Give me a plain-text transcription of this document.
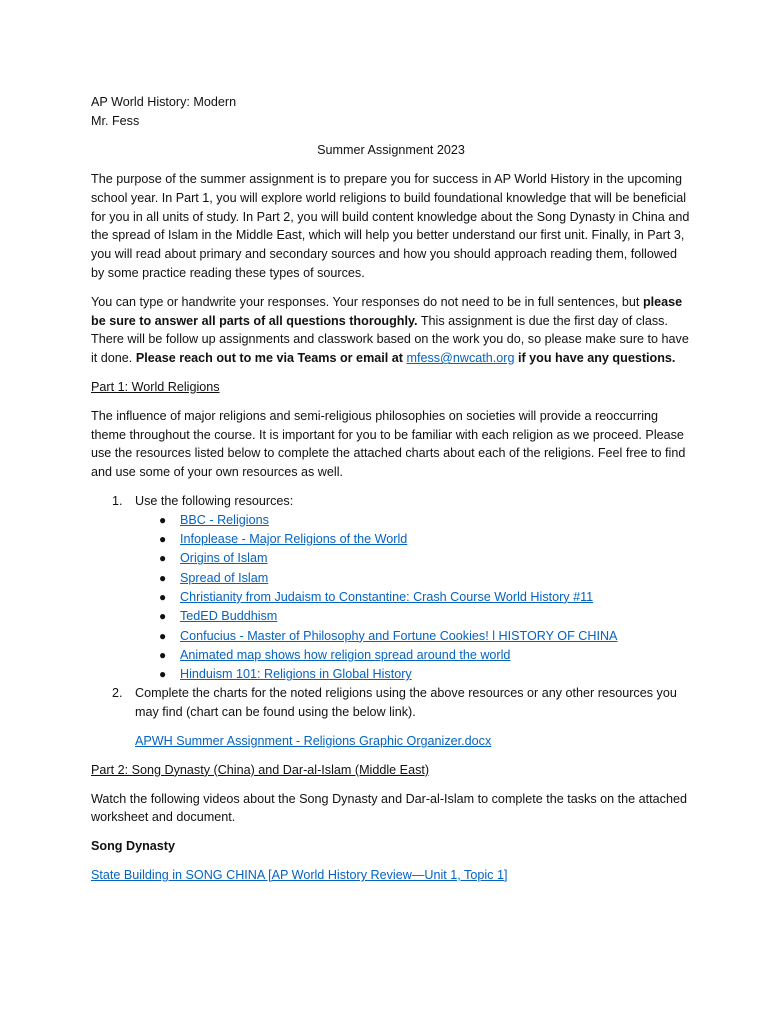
AP World History: Modern

Mr. Fess

Summer Assignment 2023

The purpose of the summer assignment is to prepare you for success in AP World History in the upcoming school year. In Part 1, you will explore world religions to build foundational knowledge that will be beneficial for you in all units of study. In Part 2, you will build content knowledge about the Song Dynasty in China and the spread of Islam in the Middle East, which will help you better understand our first unit. Finally, in Part 3, you will read about primary and secondary sources and how you should approach reading them, followed by some practice reading these types of sources.

You can type or handwrite your responses. Your responses do not need to be in full sentences, but please be sure to answer all parts of all questions thoroughly. This assignment is due the first day of class. There will be follow up assignments and classwork based on the work you do, so please make sure to have it done. Please reach out to me via Teams or email at mfess@nwcath.org if you have any questions.

Part 1: World Religions

The influence of major religions and semi-religious philosophies on societies will provide a reoccurring theme throughout the course. It is important for you to be familiar with each religion as we proceed. Please use the resources listed below to complete the attached charts about each of the religions. Feel free to find and use some of your own resources as well.

1. Use the following resources:
● BBC - Religions
● Infoplease - Major Religions of the World
● Origins of Islam
● Spread of Islam
● Christianity from Judaism to Constantine: Crash Course World History #11
● TedED Buddhism
● Confucius - Master of Philosophy and Fortune Cookies! l HISTORY OF CHINA
● Animated map shows how religion spread around the world
● Hinduism 101: Religions in Global History
2. Complete the charts for the noted religions using the above resources or any other resources you may find (chart can be found using the below link).

APWH Summer Assignment - Religions Graphic Organizer.docx

Part 2: Song Dynasty (China) and Dar-al-Islam (Middle East)

Watch the following videos about the Song Dynasty and Dar-al-Islam to complete the tasks on the attached worksheet and document.

Song Dynasty

State Building in SONG CHINA [AP World History Review—Unit 1, Topic 1]
